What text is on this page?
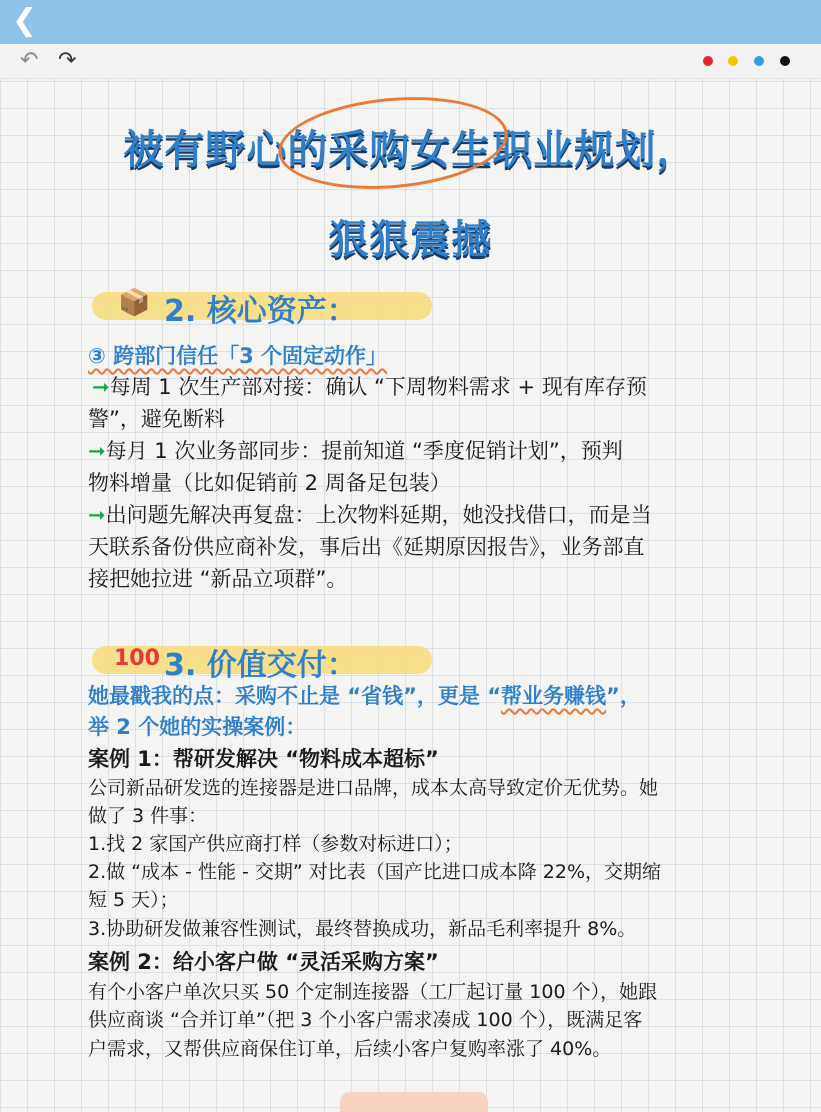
❮
↶ ↷
被有野心的采购女生职业规划，
狠狠震撼
📦 2. 核心资产：
③ 跨部门信任「3 个固定动作」
➞每周 1 次生产部对接：确认 “下周物料需求 + 现有库存预
警”，避免断料
➞每月 1 次业务部同步：提前知道 “季度促销计划”，预判
物料增量（比如促销前 2 周备足包装）
➞出问题先解决再复盘：上次物料延期，她没找借口，而是当
天联系备份供应商补发，事后出《延期原因报告》，业务部直
接把她拉进 “新品立项群”。
100 3. 价值交付：
她最戳我的点：采购不止是 “省钱”，更是 “帮业务赚钱”，
举 2 个她的实操案例：
案例 1：帮研发解决 “物料成本超标”
公司新品研发选的连接器是进口品牌，成本太高导致定价无优势。她
做了 3 件事：
1.找 2 家国产供应商打样（参数对标进口）；
2.做 “成本 - 性能 - 交期” 对比表（国产比进口成本降 22%，交期缩
短 5 天）；
3.协助研发做兼容性测试，最终替换成功，新品毛利率提升 8%。
案例 2：给小客户做 “灵活采购方案”
有个小客户单次只买 50 个定制连接器（工厂起订量 100 个），她跟
供应商谈 “合并订单”（把 3 个小客户需求凑成 100 个），既满足客
户需求，又帮供应商保住订单，后续小客户复购率涨了 40%。
